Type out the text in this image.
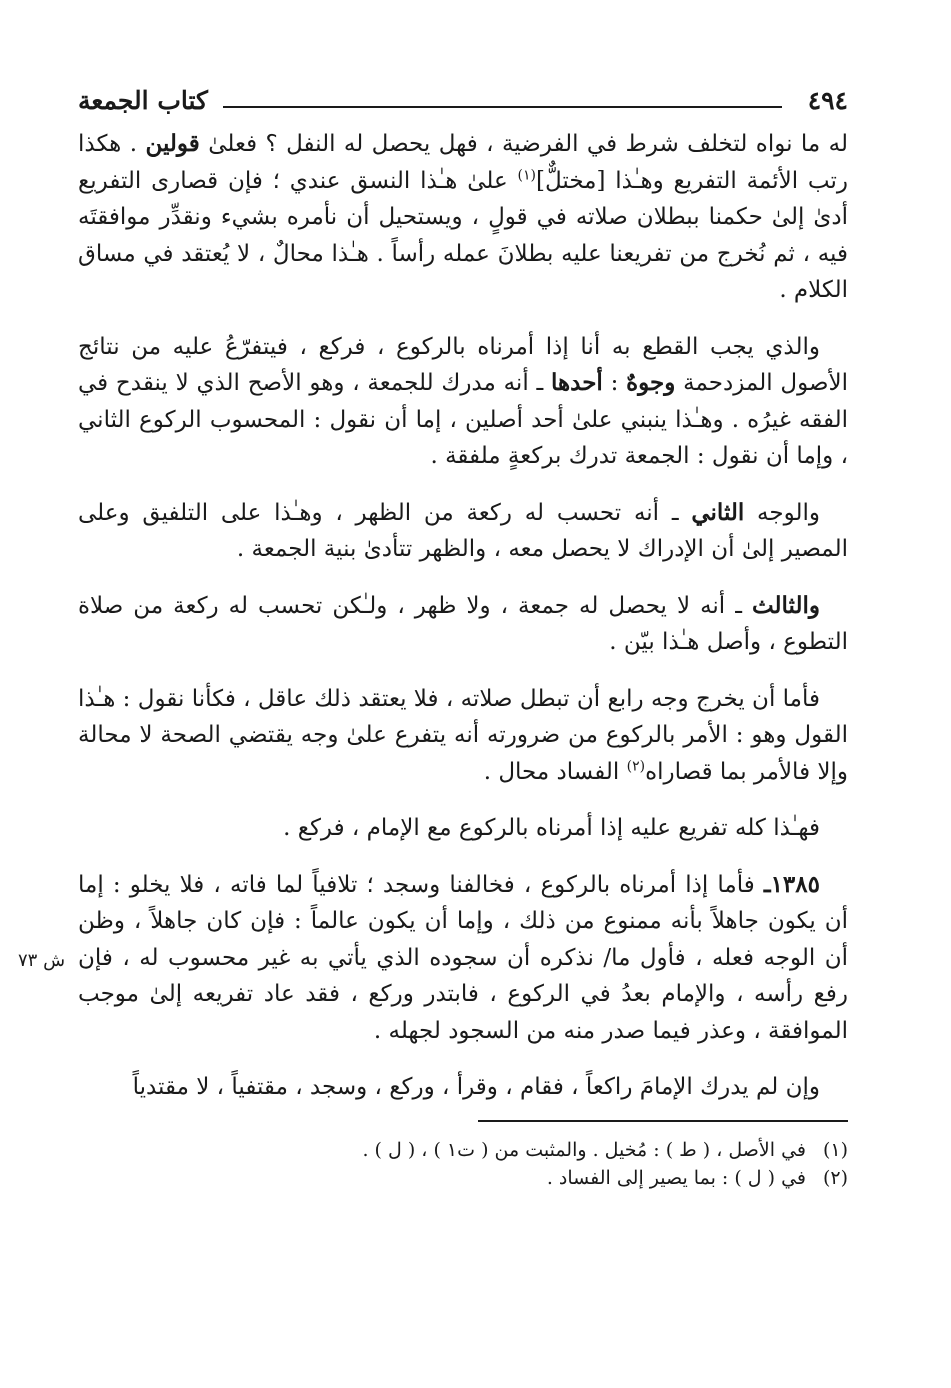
٤٩٤
كتاب الجمعة

له ما نواه لتخلف شرط في الفرضية ، فهل يحصل له النفل ؟ فعلىٰ قولين . هكذا رتب الأئمة التفريع وهـٰذا [مختلٌّ]$^{(١)}$ علىٰ هـٰذا النسق عندي ؛ فإن قصارى التفريع أدىٰ إلىٰ حكمنا ببطلان صلاته في قولٍ ، ويستحيل أن نأمره بشيء ونقدِّر موافقتَه فيه ، ثم نُخرج من تفريعنا عليه بطلانَ عمله رأساً . هـٰذا محالٌ ، لا يُعتقد في مساق الكلام .

والذي يجب القطع به أنا إذا أمرناه بالركوع ، فركع ، فيتفرّعُ عليه من نتائج الأصول المزدحمة وجوهٌ : أحدها ـ أنه مدرك للجمعة ، وهو الأصح الذي لا ينقدح في الفقه غيرُه . وهـٰذا ينبني علىٰ أحد أصلين ، إما أن نقول : المحسوب الركوع الثاني ، وإما أن نقول : الجمعة تدرك بركعةٍ ملفقة .

والوجه الثاني ـ أنه تحسب له ركعة من الظهر ، وهـٰذا على التلفيق وعلى المصير إلىٰ أن الإدراك لا يحصل معه ، والظهر تتأدىٰ بنية الجمعة .

والثالث ـ أنه لا يحصل له جمعة ، ولا ظهر ، ولـٰكن تحسب له ركعة من صلاة التطوع ، وأصل هـٰذا بيّن .

فأما أن يخرج وجه رابع أن تبطل صلاته ، فلا يعتقد ذلك عاقل ، فكأنا نقول : هـٰذا القول وهو : الأمر بالركوع من ضرورته أنه يتفرع علىٰ وجه يقتضي الصحة لا محالة وإلا فالأمر بما قصاراه$^{(٢)}$ الفساد محال .

فهـٰذا كله تفريع عليه إذا أمرناه بالركوع مع الإمام ، فركع .

ش ٧٣
١٣٨٥ـ فأما إذا أمرناه بالركوع ، فخالفنا وسجد ؛ تلافياً لما فاته ، فلا يخلو : إما أن يكون جاهلاً بأنه ممنوع من ذلك ، وإما أن يكون عالماً : فإن كان جاهلاً ، وظن أن الوجه فعله ، فأول ما/ نذكره أن سجوده الذي يأتي به غير محسوب له ، فإن رفع رأسه ، والإمام بعدُ في الركوع ، فابتدر وركع ، فقد عاد تفريعه إلىٰ موجب الموافقة ، وعذر فيما صدر منه من السجود لجهله .

وإن لم يدرك الإمامَ راكعاً ، فقام ، وقرأ ، وركع ، وسجد ، مقتفياً ، لا مقتدياً

(١)في الأصل ، ( ط ) : مُخيل . والمثبت من ( ت١ ) ، ( ل ) .

(٢)في ( ل ) : بما يصير إلى الفساد .
